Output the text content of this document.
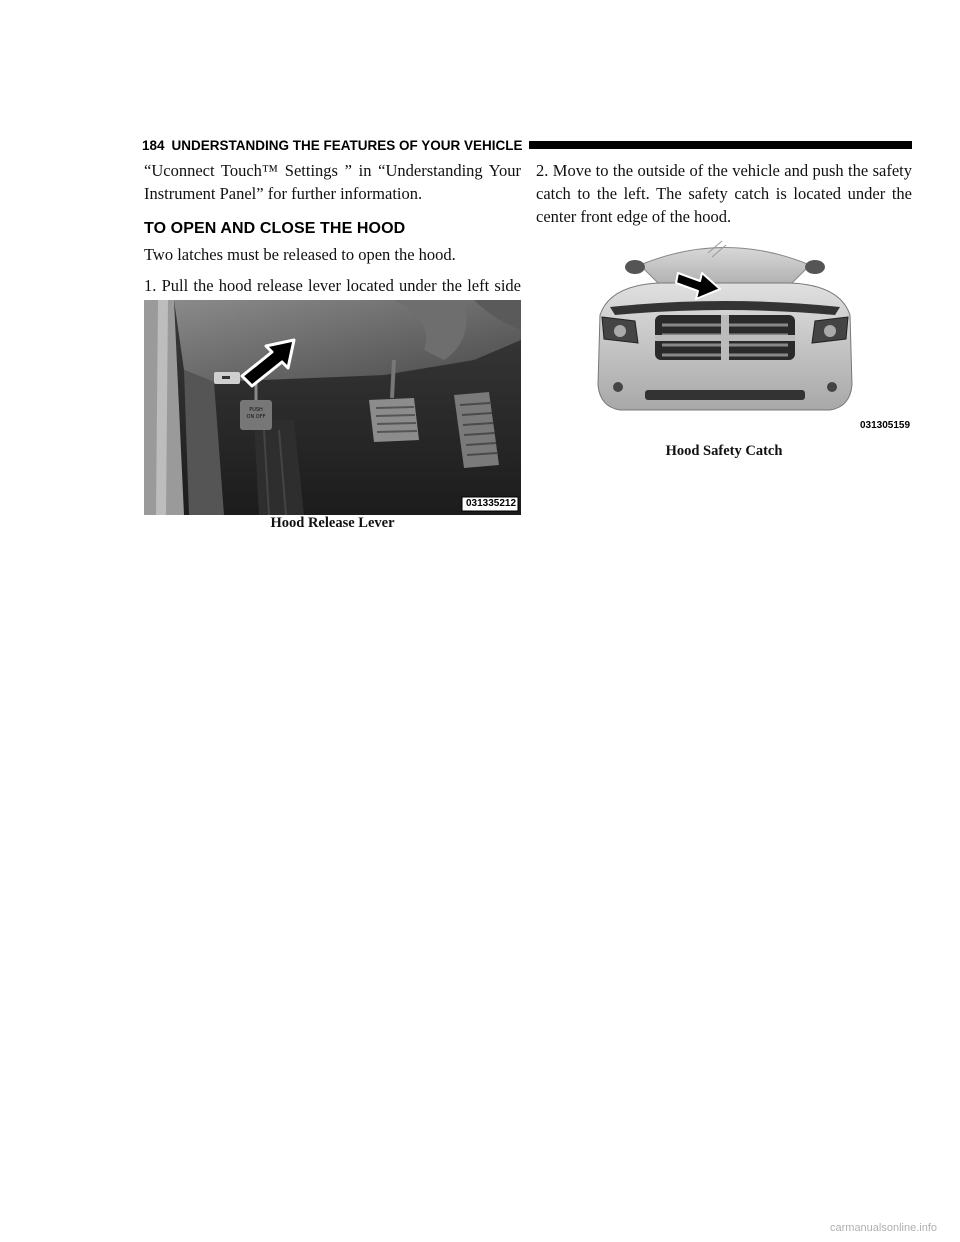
184 UNDERSTANDING THE FEATURES OF YOUR VEHICLE

“Uconnect Touch™ Settings ” in “Understanding Your Instrument Panel” for further information.

TO OPEN AND CLOSE THE HOOD

Two latches must be released to open the hood.

1. Pull the hood release lever located under the left side

PUSH
ON OFF
031335212
Hood Release Lever

2. Move to the outside of the vehicle and push the safety catch to the left. The safety catch is located under the center front edge of the hood.

031305159
Hood Safety Catch
carmanualsonline.info
